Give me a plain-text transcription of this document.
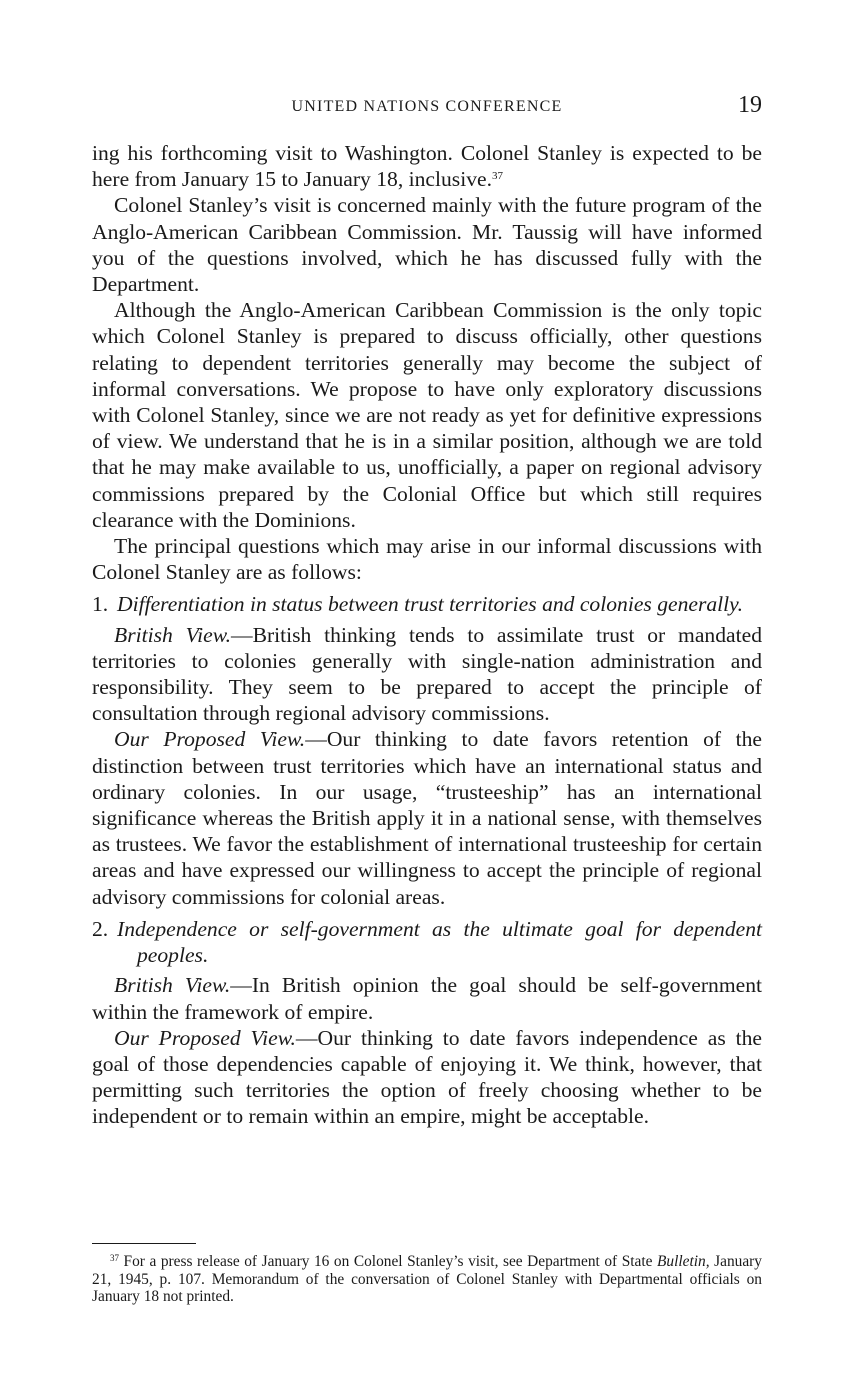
UNITED NATIONS CONFERENCE	19

ing his forthcoming visit to Washington. Colonel Stanley is expected to be here from January 15 to January 18, inclusive.$^{37}$

Colonel Stanley’s visit is concerned mainly with the future program of the Anglo-American Caribbean Commission. Mr. Taussig will have informed you of the questions involved, which he has discussed fully with the Department.

Although the Anglo-American Caribbean Commission is the only topic which Colonel Stanley is prepared to discuss officially, other questions relating to dependent territories generally may become the subject of informal conversations. We propose to have only exploratory discussions with Colonel Stanley, since we are not ready as yet for definitive expressions of view. We understand that he is in a similar position, although we are told that he may make available to us, unofficially, a paper on regional advisory commissions prepared by the Colonial Office but which still requires clearance with the Dominions.

The principal questions which may arise in our informal discussions with Colonel Stanley are as follows:

1. Differentiation in status between trust territories and colonies generally.

British View.—British thinking tends to assimilate trust or mandated territories to colonies generally with single-nation administration and responsibility. They seem to be prepared to accept the principle of consultation through regional advisory commissions.

Our Proposed View.—Our thinking to date favors retention of the distinction between trust territories which have an international status and ordinary colonies. In our usage, “trusteeship” has an international significance whereas the British apply it in a national sense, with themselves as trustees. We favor the establishment of international trusteeship for certain areas and have expressed our willingness to accept the principle of regional advisory commissions for colonial areas.

2. Independence or self-government as the ultimate goal for dependent peoples.

British View.—In British opinion the goal should be self-government within the framework of empire.

Our Proposed View.—Our thinking to date favors independence as the goal of those dependencies capable of enjoying it. We think, however, that permitting such territories the option of freely choosing whether to be independent or to remain within an empire, might be acceptable.

$^{37}$ For a press release of January 16 on Colonel Stanley’s visit, see Department of State Bulletin, January 21, 1945, p. 107. Memorandum of the conversation of Colonel Stanley with Departmental officials on January 18 not printed.
